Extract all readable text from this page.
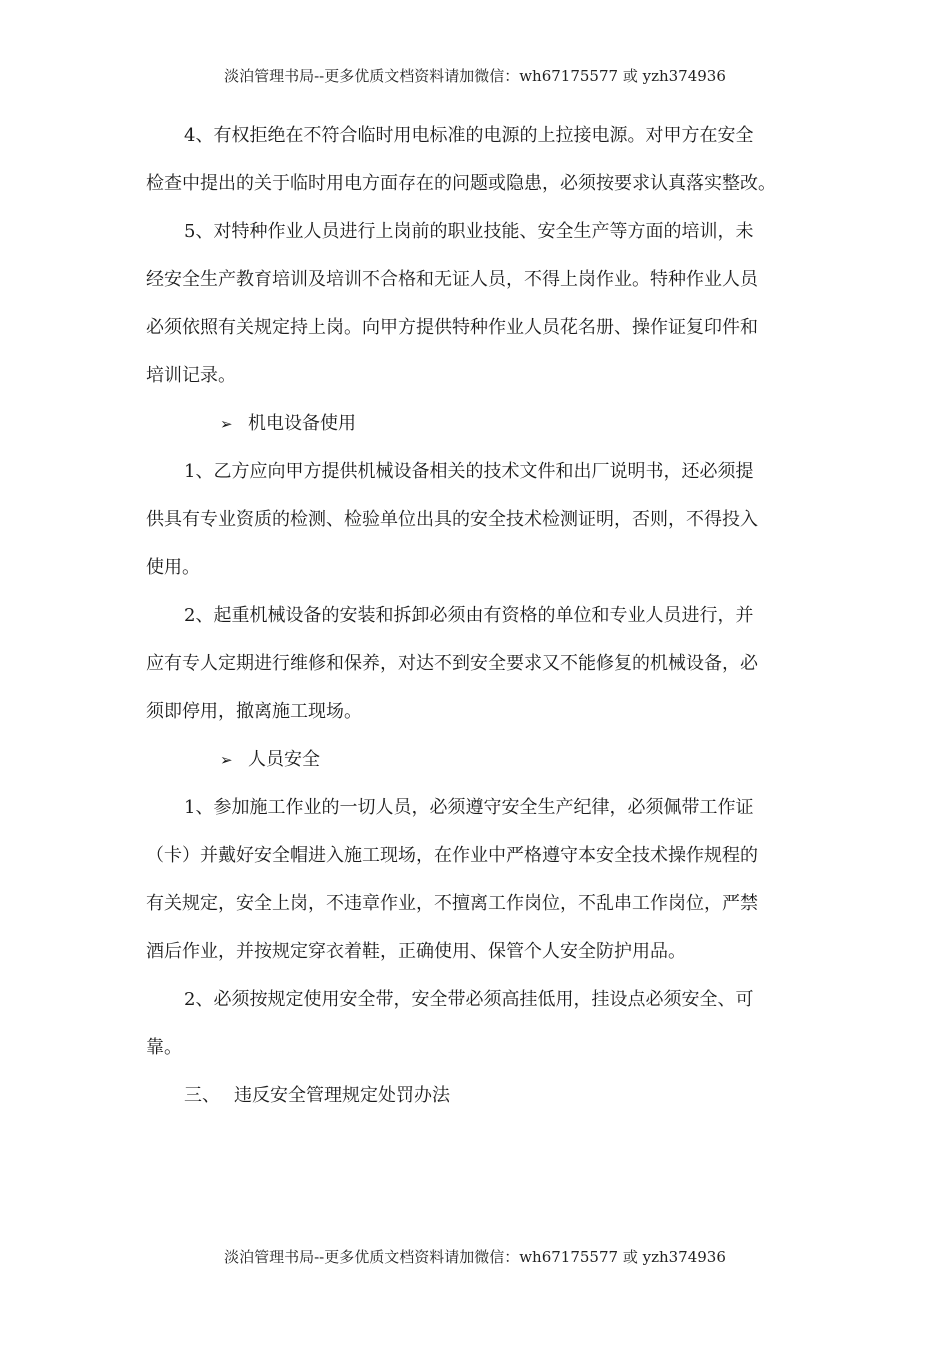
淡泊管理书局--更多优质文档资料请加微信：wh67175577 或 yzh374936
4、有权拒绝在不符合临时用电标准的电源的上拉接电源。对甲方在安全
检查中提出的关于临时用电方面存在的问题或隐患，必须按要求认真落实整改。
5、对特种作业人员进行上岗前的职业技能、安全生产等方面的培训，未
经安全生产教育培训及培训不合格和无证人员，不得上岗作业。特种作业人员
必须依照有关规定持上岗。向甲方提供特种作业人员花名册、操作证复印件和
培训记录。
➢ 机电设备使用
1、乙方应向甲方提供机械设备相关的技术文件和出厂说明书，还必须提
供具有专业资质的检测、检验单位出具的安全技术检测证明，否则，不得投入
使用。
2、起重机械设备的安装和拆卸必须由有资格的单位和专业人员进行，并
应有专人定期进行维修和保养，对达不到安全要求又不能修复的机械设备，必
须即停用，撤离施工现场。
➢ 人员安全
1、参加施工作业的一切人员，必须遵守安全生产纪律，必须佩带工作证
（卡）并戴好安全帽进入施工现场，在作业中严格遵守本安全技术操作规程的
有关规定，安全上岗，不违章作业，不擅离工作岗位，不乱串工作岗位，严禁
酒后作业，并按规定穿衣着鞋，正确使用、保管个人安全防护用品。
2、必须按规定使用安全带，安全带必须高挂低用，挂设点必须安全、可
靠。
三、 违反安全管理规定处罚办法
淡泊管理书局--更多优质文档资料请加微信：wh67175577 或 yzh374936
